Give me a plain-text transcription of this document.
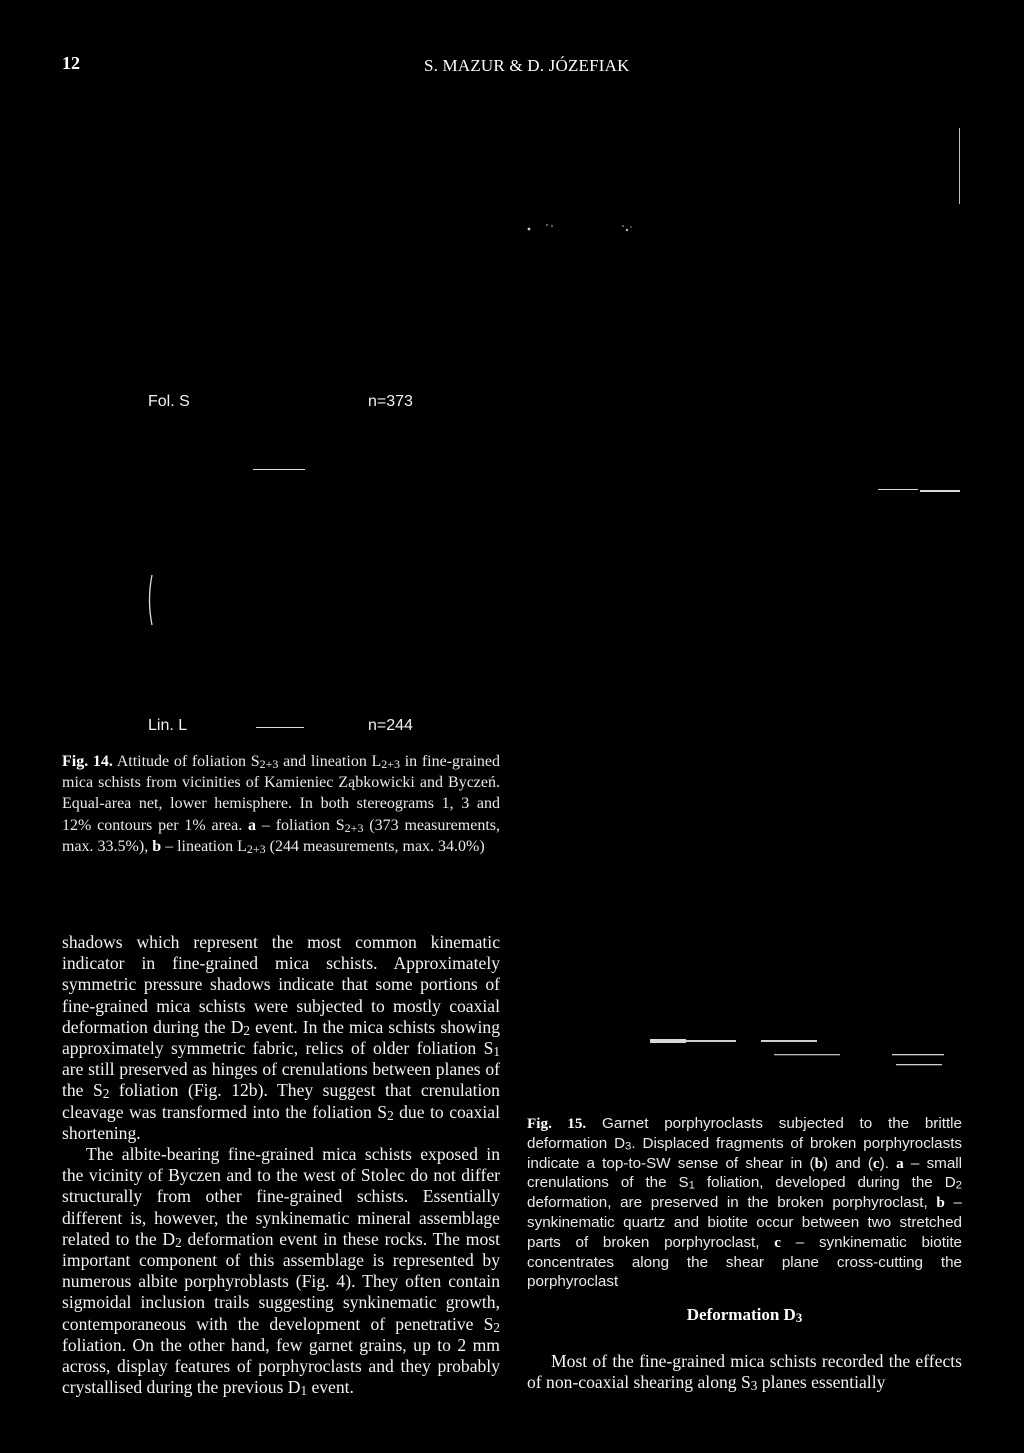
12	S. MAZUR & D. JÓZEFIAK
Fol. S	n=373
Lin. L	n=244
Fig. 14. Attitude of foliation $S_{2+3}$ and lineation $L_{2+3}$ in fine-grained mica schists from vicinities of Kamieniec Ząbkowicki and Byczeń. Equal-area net, lower hemisphere. In both stereograms 1, 3 and 12% contours per 1% area. a – foliation $S_{2+3}$ (373 measurements, max. 33.5%), b – lineation $L_{2+3}$ (244 measurements, max. 34.0%)

shadows which represent the most common kinematic indicator in fine-grained mica schists. Approximately symmetric pressure shadows indicate that some portions of fine-grained mica schists were subjected to mostly coaxial deformation during the $D_2$ event. In the mica schists showing approximately symmetric fabric, relics of older foliation $S_1$ are still preserved as hinges of crenulations between planes of the $S_2$ foliation (Fig. 12b). They suggest that crenulation cleavage was transformed into the foliation $S_2$ due to coaxial shortening.

The albite-bearing fine-grained mica schists exposed in the vicinity of Byczen and to the west of Stolec do not differ structurally from other fine-grained schists. Essentially different is, however, the synkinematic mineral assemblage related to the $D_2$ deformation event in these rocks. The most important component of this assemblage is represented by numerous albite porphyroblasts (Fig. 4). They often contain sigmoidal inclusion trails suggesting synkinematic growth, contemporaneous with the development of penetrative $S_2$ foliation. On the other hand, few garnet grains, up to 2 mm across, display features of porphyroclasts and they probably crystallised during the previous $D_1$ event.

Fig. 15. Garnet porphyroclasts subjected to the brittle deformation $D_3$. Displaced fragments of broken porphyroclasts indicate a top-to-SW sense of shear in (b) and (c). a – small crenulations of the $S_1$ foliation, developed during the $D_2$ deformation, are preserved in the broken porphyroclast, b – synkinematic quartz and biotite occur between two stretched parts of broken porphyroclast, c – synkinematic biotite concentrates along the shear plane cross-cutting the porphyroclast
Deformation $D_3$

Most of the fine-grained mica schists recorded the effects of non-coaxial shearing along $S_3$ planes essentially
